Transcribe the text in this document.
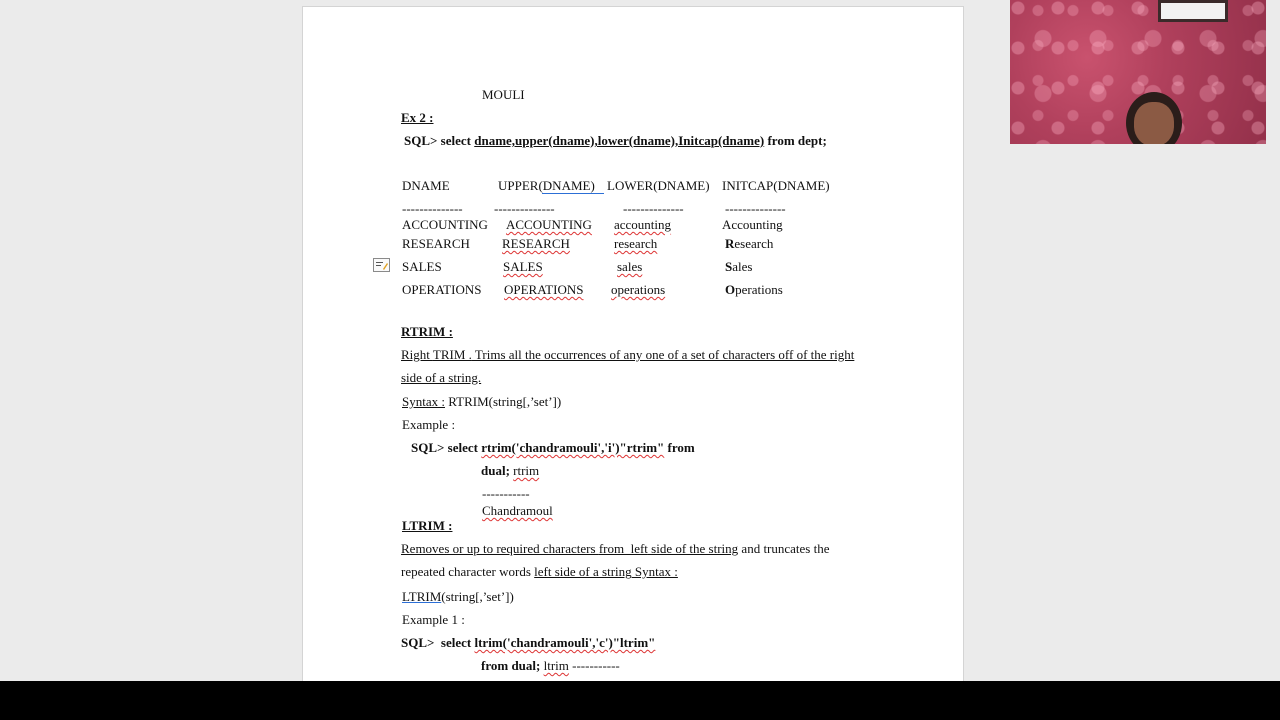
MOULI
Ex 2 :
SQL> select dname,upper(dname),lower(dname),Initcap(dname) from dept;
DNAME	UPPER(DNAME) LOWER(DNAME) INITCAP(DNAME)
-------------- --------------	--------------	--------------
ACCOUNTING ACCOUNTING accounting	Accounting
RESEARCH RESEARCH	research	Research
SALES	SALES	sales	Sales
OPERATIONS OPERATIONS operations	Operations
RTRIM :
Right TRIM . Trims all the occurrences of any one of a set of characters off of the right
side of a string.
Syntax : RTRIM(string[,’set’])
Example :
SQL> select rtrim('chandramouli','i')"rtrim" from
dual; rtrim
-----------
Chandramoul
LTRIM :
Removes or up to required characters from  left side of the string and truncates the
repeated character words left side of a string Syntax :
LTRIM(string[,’set’])
Example 1 :
SQL>  select ltrim('chandramouli','c')"ltrim"
from dual; ltrim -----------
